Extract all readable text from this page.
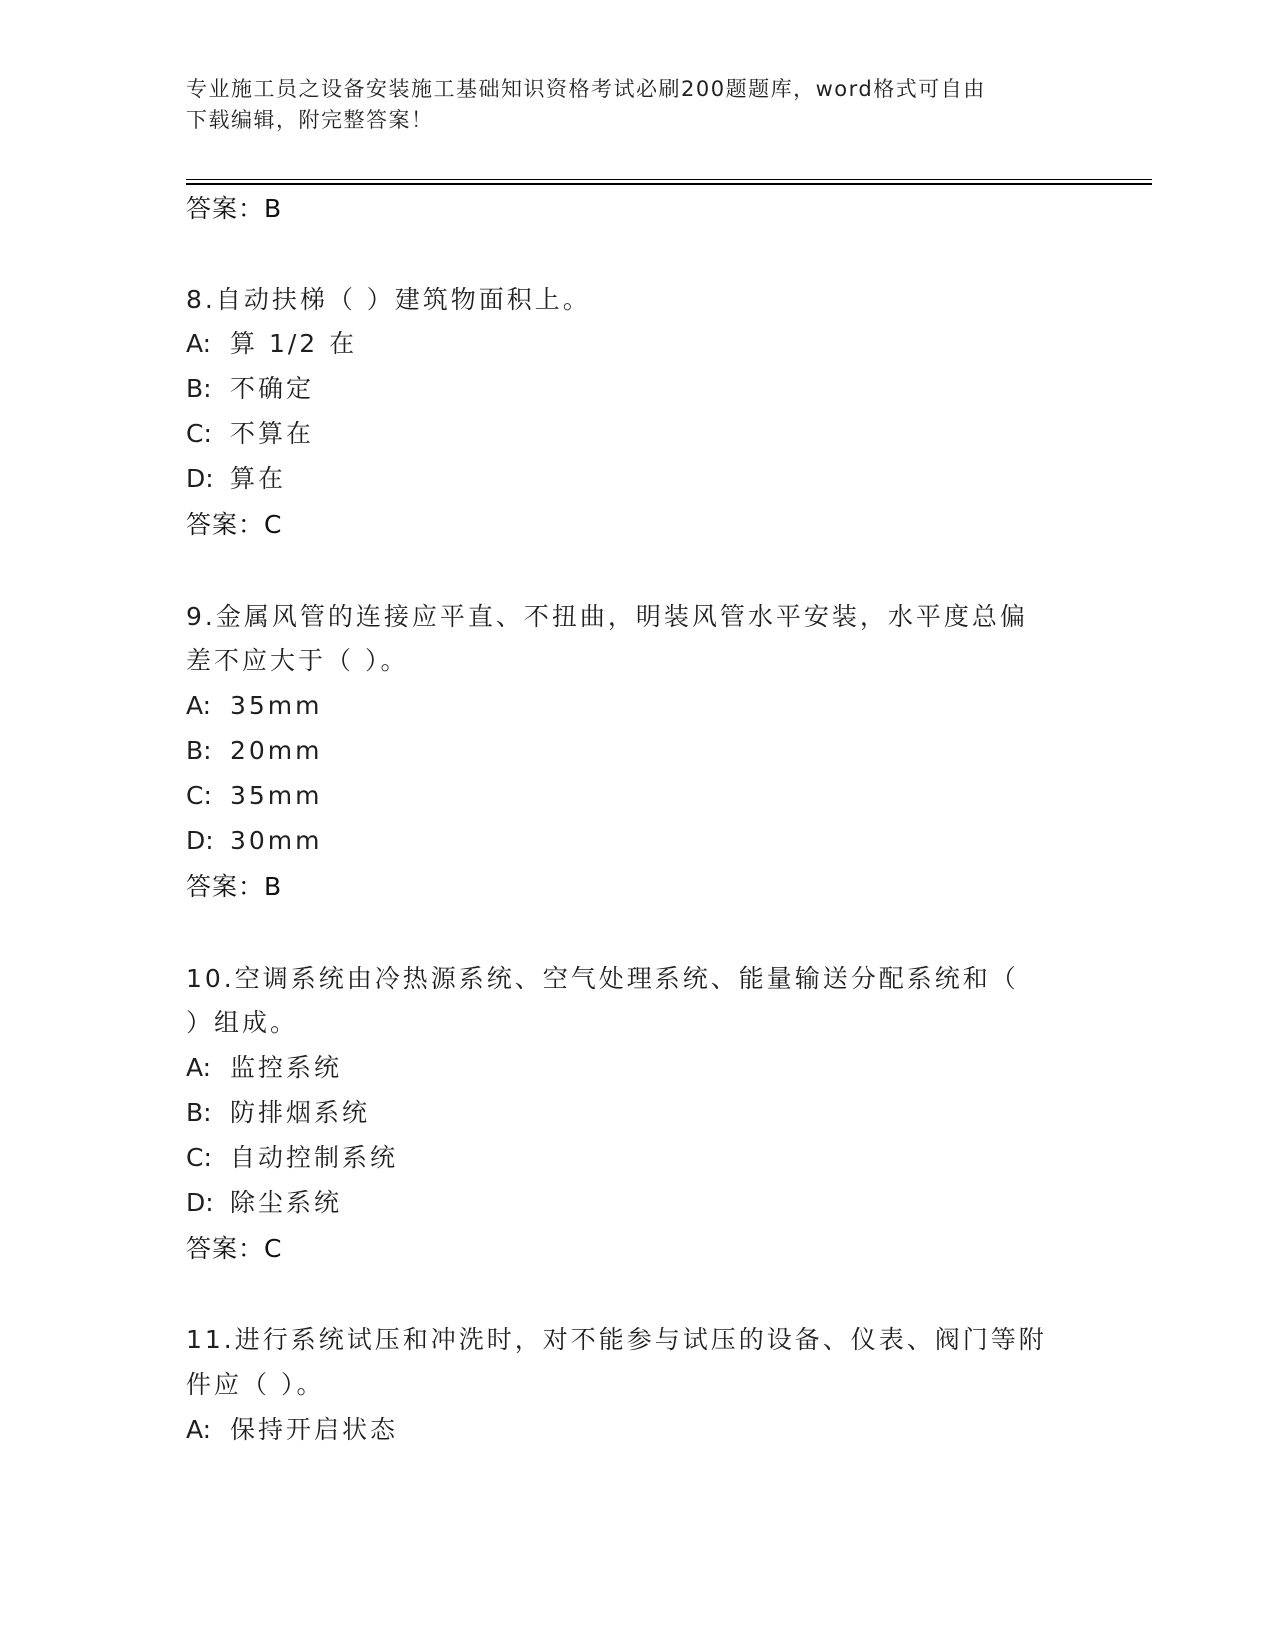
专业施工员之设备安装施工基础知识资格考试必刷200题题库，word格式可自由
下载编辑，附完整答案！
答案：B
8.自动扶梯（ ）建筑物面积上。
A: 算 1/2 在
B: 不确定
C: 不算在
D: 算在
答案：C
9.金属风管的连接应平直、不扭曲，明装风管水平安装，水平度总偏
差不应大于（ ）。
A: 35mm
B: 20mm
C: 35mm
D: 30mm
答案：B
10.空调系统由冷热源系统、空气处理系统、能量输送分配系统和（
）组成。
A: 监控系统
B: 防排烟系统
C: 自动控制系统
D: 除尘系统
答案：C
11.进行系统试压和冲洗时，对不能参与试压的设备、仪表、阀门等附
件应（ ）。
A: 保持开启状态
